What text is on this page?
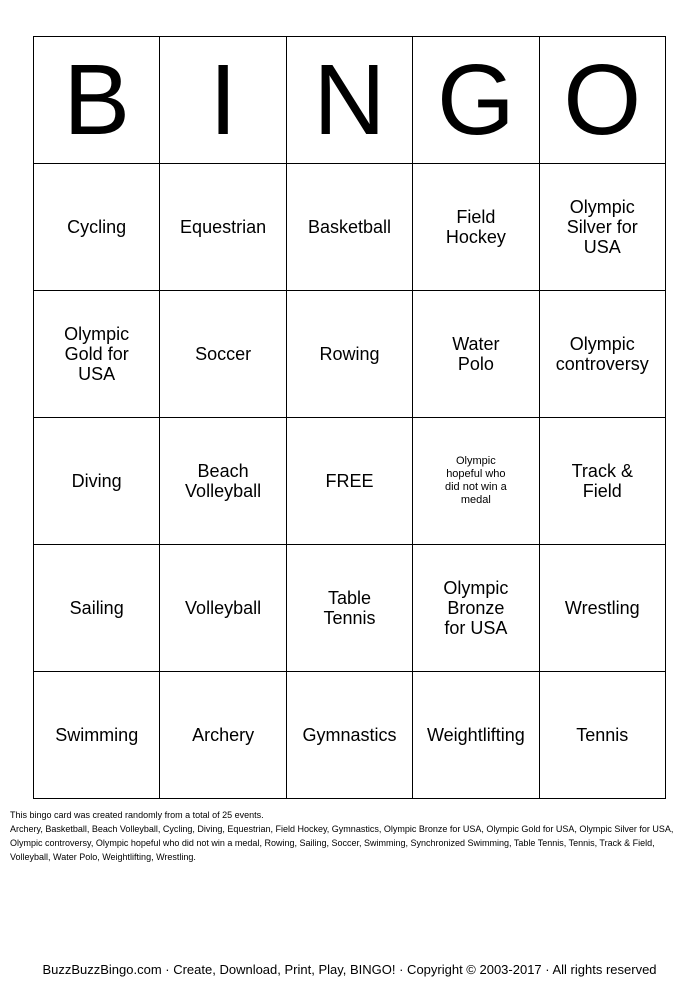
B	I	N	G	O
Cycling	Equestrian	Basketball	Field Hockey	Olympic Silver for USA
Olympic Gold for USA	Soccer	Rowing	Water Polo	Olympic controversy
Diving	Beach Volleyball	FREE	Olympic hopeful who did not win a medal	Track & Field
Sailing	Volleyball	Table Tennis	Olympic Bronze for USA	Wrestling
Swimming	Archery	Gymnastics	Weightlifting	Tennis

This bingo card was created randomly from a total of 25 events.

Archery, Basketball, Beach Volleyball, Cycling, Diving, Equestrian, Field Hockey, Gymnastics, Olympic Bronze for USA, Olympic Gold for USA, Olympic Silver for USA, Olympic controversy, Olympic hopeful who did not win a medal, Rowing, Sailing, Soccer, Swimming, Synchronized Swimming, Table Tennis, Tennis, Track & Field, Volleyball, Water Polo, Weightlifting, Wrestling.

BuzzBuzzBingo.com · Create, Download, Print, Play, BINGO! · Copyright © 2003-2017 · All rights reserved
